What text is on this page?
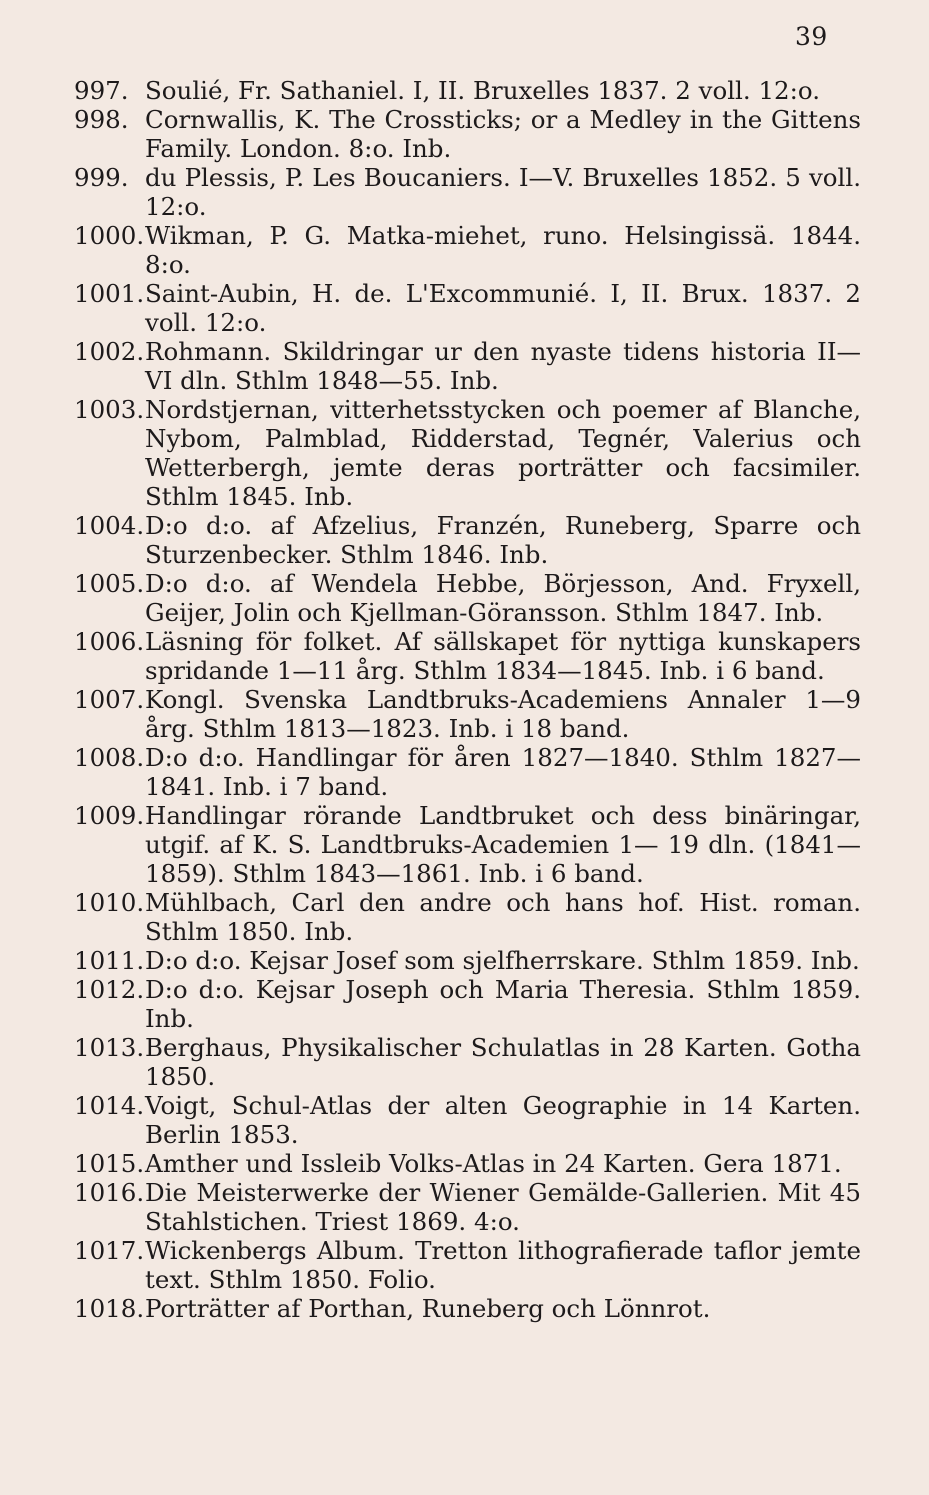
39
997. Soulié, Fr. Sathaniel. I, II. Bruxelles 1837. 2 voll. 12:o.
998. Cornwallis, K. The Crossticks; or a Medley in the Gittens Family. London. 8:o. Inb.
999. du Plessis, P. Les Boucaniers. I—V. Bruxelles 1852. 5 voll. 12:o.
1000. Wikman, P. G. Matka-miehet, runo. Helsingissä. 1844. 8:o.
1001. Saint-Aubin, H. de. L'Excommunié. I, II. Brux. 1837. 2 voll. 12:o.
1002. Rohmann. Skildringar ur den nyaste tidens historia II—VI dln. Sthlm 1848—55. Inb.
1003. Nordstjernan, vitterhetsstycken och poemer af Blanche, Nybom, Palmblad, Ridderstad, Tegnér, Valerius och Wetterbergh, jemte deras porträtter och facsimiler. Sthlm 1845. Inb.
1004. D:o d:o. af Afzelius, Franzén, Runeberg, Sparre och Sturzenbecker. Sthlm 1846. Inb.
1005. D:o d:o. af Wendela Hebbe, Börjesson, And. Fryxell, Geijer, Jolin och Kjellman-Göransson. Sthlm 1847. Inb.
1006. Läsning för folket. Af sällskapet för nyttiga kunskapers spridande 1—11 årg. Sthlm 1834—1845. Inb. i 6 band.
1007. Kongl. Svenska Landtbruks-Academiens Annaler 1—9 årg. Sthlm 1813—1823. Inb. i 18 band.
1008. D:o d:o. Handlingar för åren 1827—1840. Sthlm 1827—1841. Inb. i 7 band.
1009. Handlingar rörande Landtbruket och dess binäringar, utgif. af K. S. Landtbruks-Academien 1— 19 dln. (1841—1859). Sthlm 1843—1861. Inb. i 6 band.
1010. Mühlbach, Carl den andre och hans hof. Hist. roman. Sthlm 1850. Inb.
1011. D:o d:o. Kejsar Josef som sjelfherrskare. Sthlm 1859. Inb.
1012. D:o d:o. Kejsar Joseph och Maria Theresia. Sthlm 1859. Inb.
1013. Berghaus, Physikalischer Schulatlas in 28 Karten. Gotha 1850.
1014. Voigt, Schul-Atlas der alten Geographie in 14 Karten. Berlin 1853.
1015. Amther und Issleib Volks-Atlas in 24 Karten. Gera 1871.
1016. Die Meisterwerke der Wiener Gemälde-Gallerien. Mit 45 Stahlstichen. Triest 1869. 4:o.
1017. Wickenbergs Album. Tretton lithografierade taflor jemte text. Sthlm 1850. Folio.
1018. Porträtter af Porthan, Runeberg och Lönnrot.
